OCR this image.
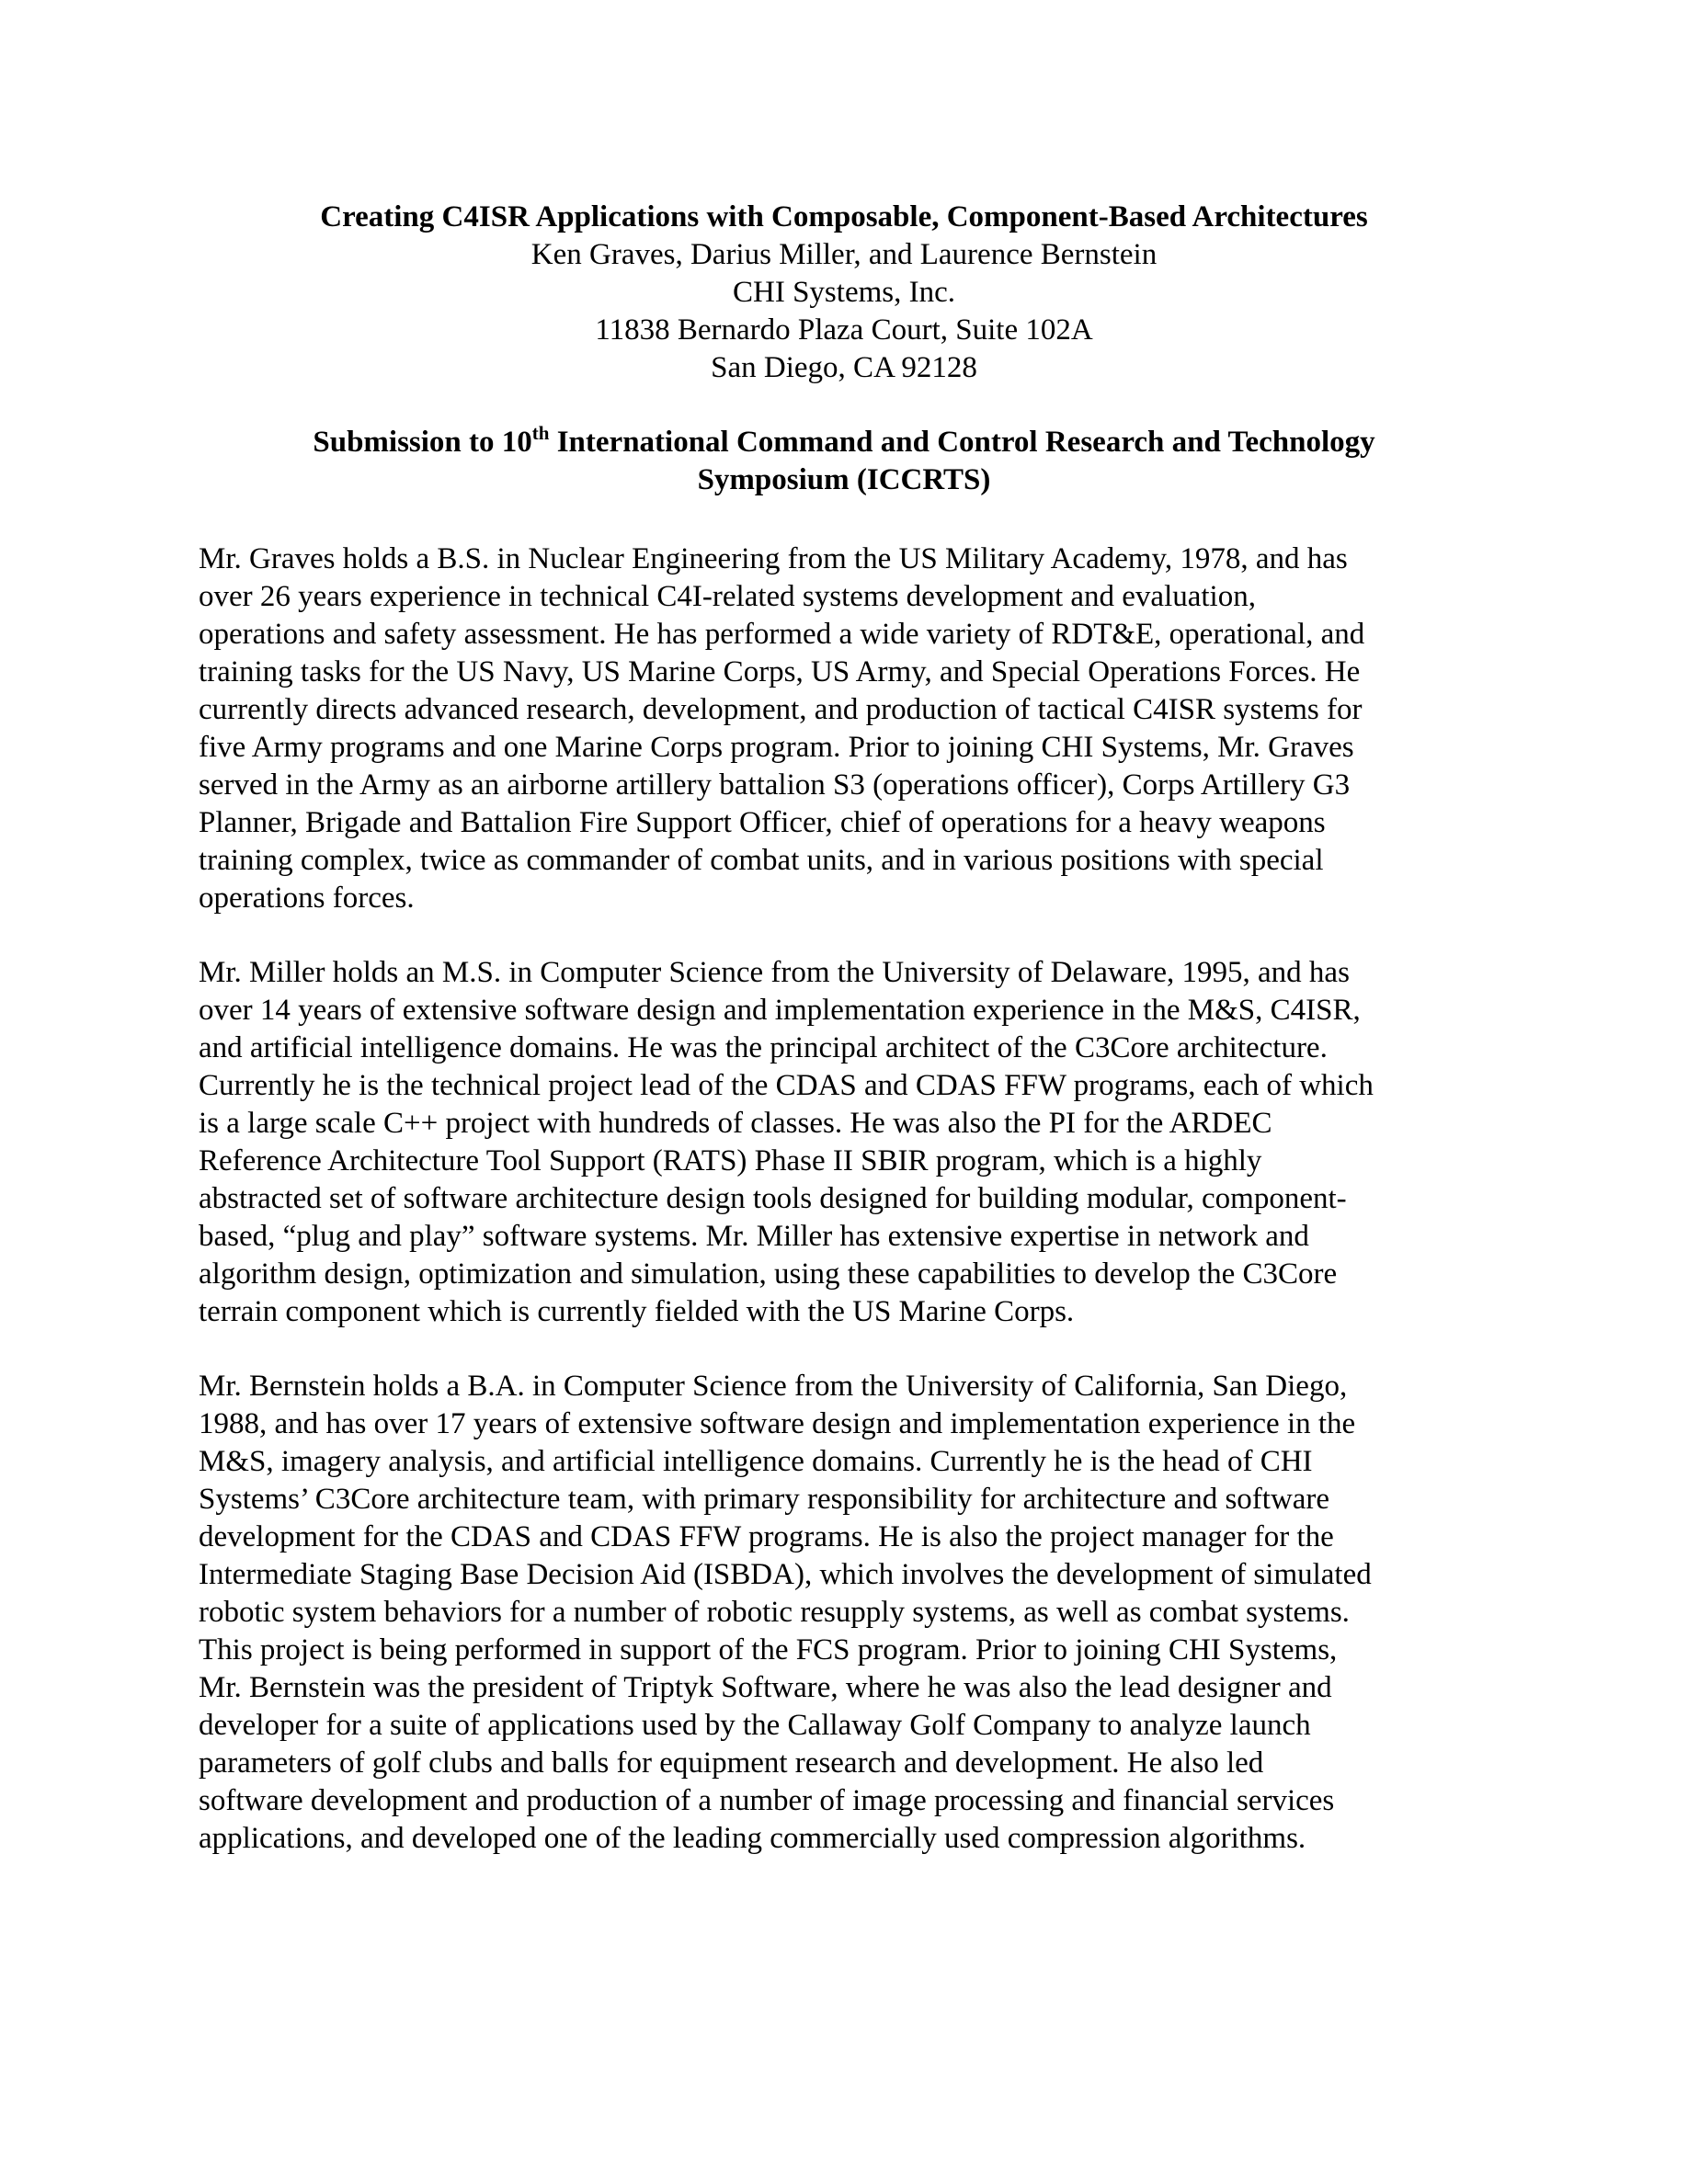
Creating C4ISR Applications with Composable, Component-Based Architectures

Ken Graves, Darius Miller, and Laurence Bernstein

CHI Systems, Inc.

11838 Bernardo Plaza Court, Suite 102A

San Diego, CA 92128

Submission to 10th International Command and Control Research and Technology

Symposium (ICCRTS)

Mr. Graves holds a B.S. in Nuclear Engineering from the US Military Academy, 1978, and has
over 26 years experience in technical C4I-related systems development and evaluation,
operations and safety assessment. He has performed a wide variety of RDT&E, operational, and
training tasks for the US Navy, US Marine Corps, US Army, and Special Operations Forces. He
currently directs advanced research, development, and production of tactical C4ISR systems for
five Army programs and one Marine Corps program. Prior to joining CHI Systems, Mr. Graves
served in the Army as an airborne artillery battalion S3 (operations officer), Corps Artillery G3
Planner, Brigade and Battalion Fire Support Officer, chief of operations for a heavy weapons
training complex, twice as commander of combat units, and in various positions with special
operations forces.
Mr. Miller holds an M.S. in Computer Science from the University of Delaware, 1995, and has
over 14 years of extensive software design and implementation experience in the M&S, C4ISR,
and artificial intelligence domains. He was the principal architect of the C3Core architecture.
Currently he is the technical project lead of the CDAS and CDAS FFW programs, each of which
is a large scale C++ project with hundreds of classes. He was also the PI for the ARDEC
Reference Architecture Tool Support (RATS) Phase II SBIR program, which is a highly
abstracted set of software architecture design tools designed for building modular, component-
based, “plug and play” software systems. Mr. Miller has extensive expertise in network and
algorithm design, optimization and simulation, using these capabilities to develop the C3Core
terrain component which is currently fielded with the US Marine Corps.
Mr. Bernstein holds a B.A. in Computer Science from the University of California, San Diego,
1988, and has over 17 years of extensive software design and implementation experience in the
M&S, imagery analysis, and artificial intelligence domains. Currently he is the head of CHI
Systems’ C3Core architecture team, with primary responsibility for architecture and software
development for the CDAS and CDAS FFW programs. He is also the project manager for the
Intermediate Staging Base Decision Aid (ISBDA), which involves the development of simulated
robotic system behaviors for a number of robotic resupply systems, as well as combat systems.
This project is being performed in support of the FCS program. Prior to joining CHI Systems,
Mr. Bernstein was the president of Triptyk Software, where he was also the lead designer and
developer for a suite of applications used by the Callaway Golf Company to analyze launch
parameters of golf clubs and balls for equipment research and development. He also led
software development and production of a number of image processing and financial services
applications, and developed one of the leading commercially used compression algorithms.
